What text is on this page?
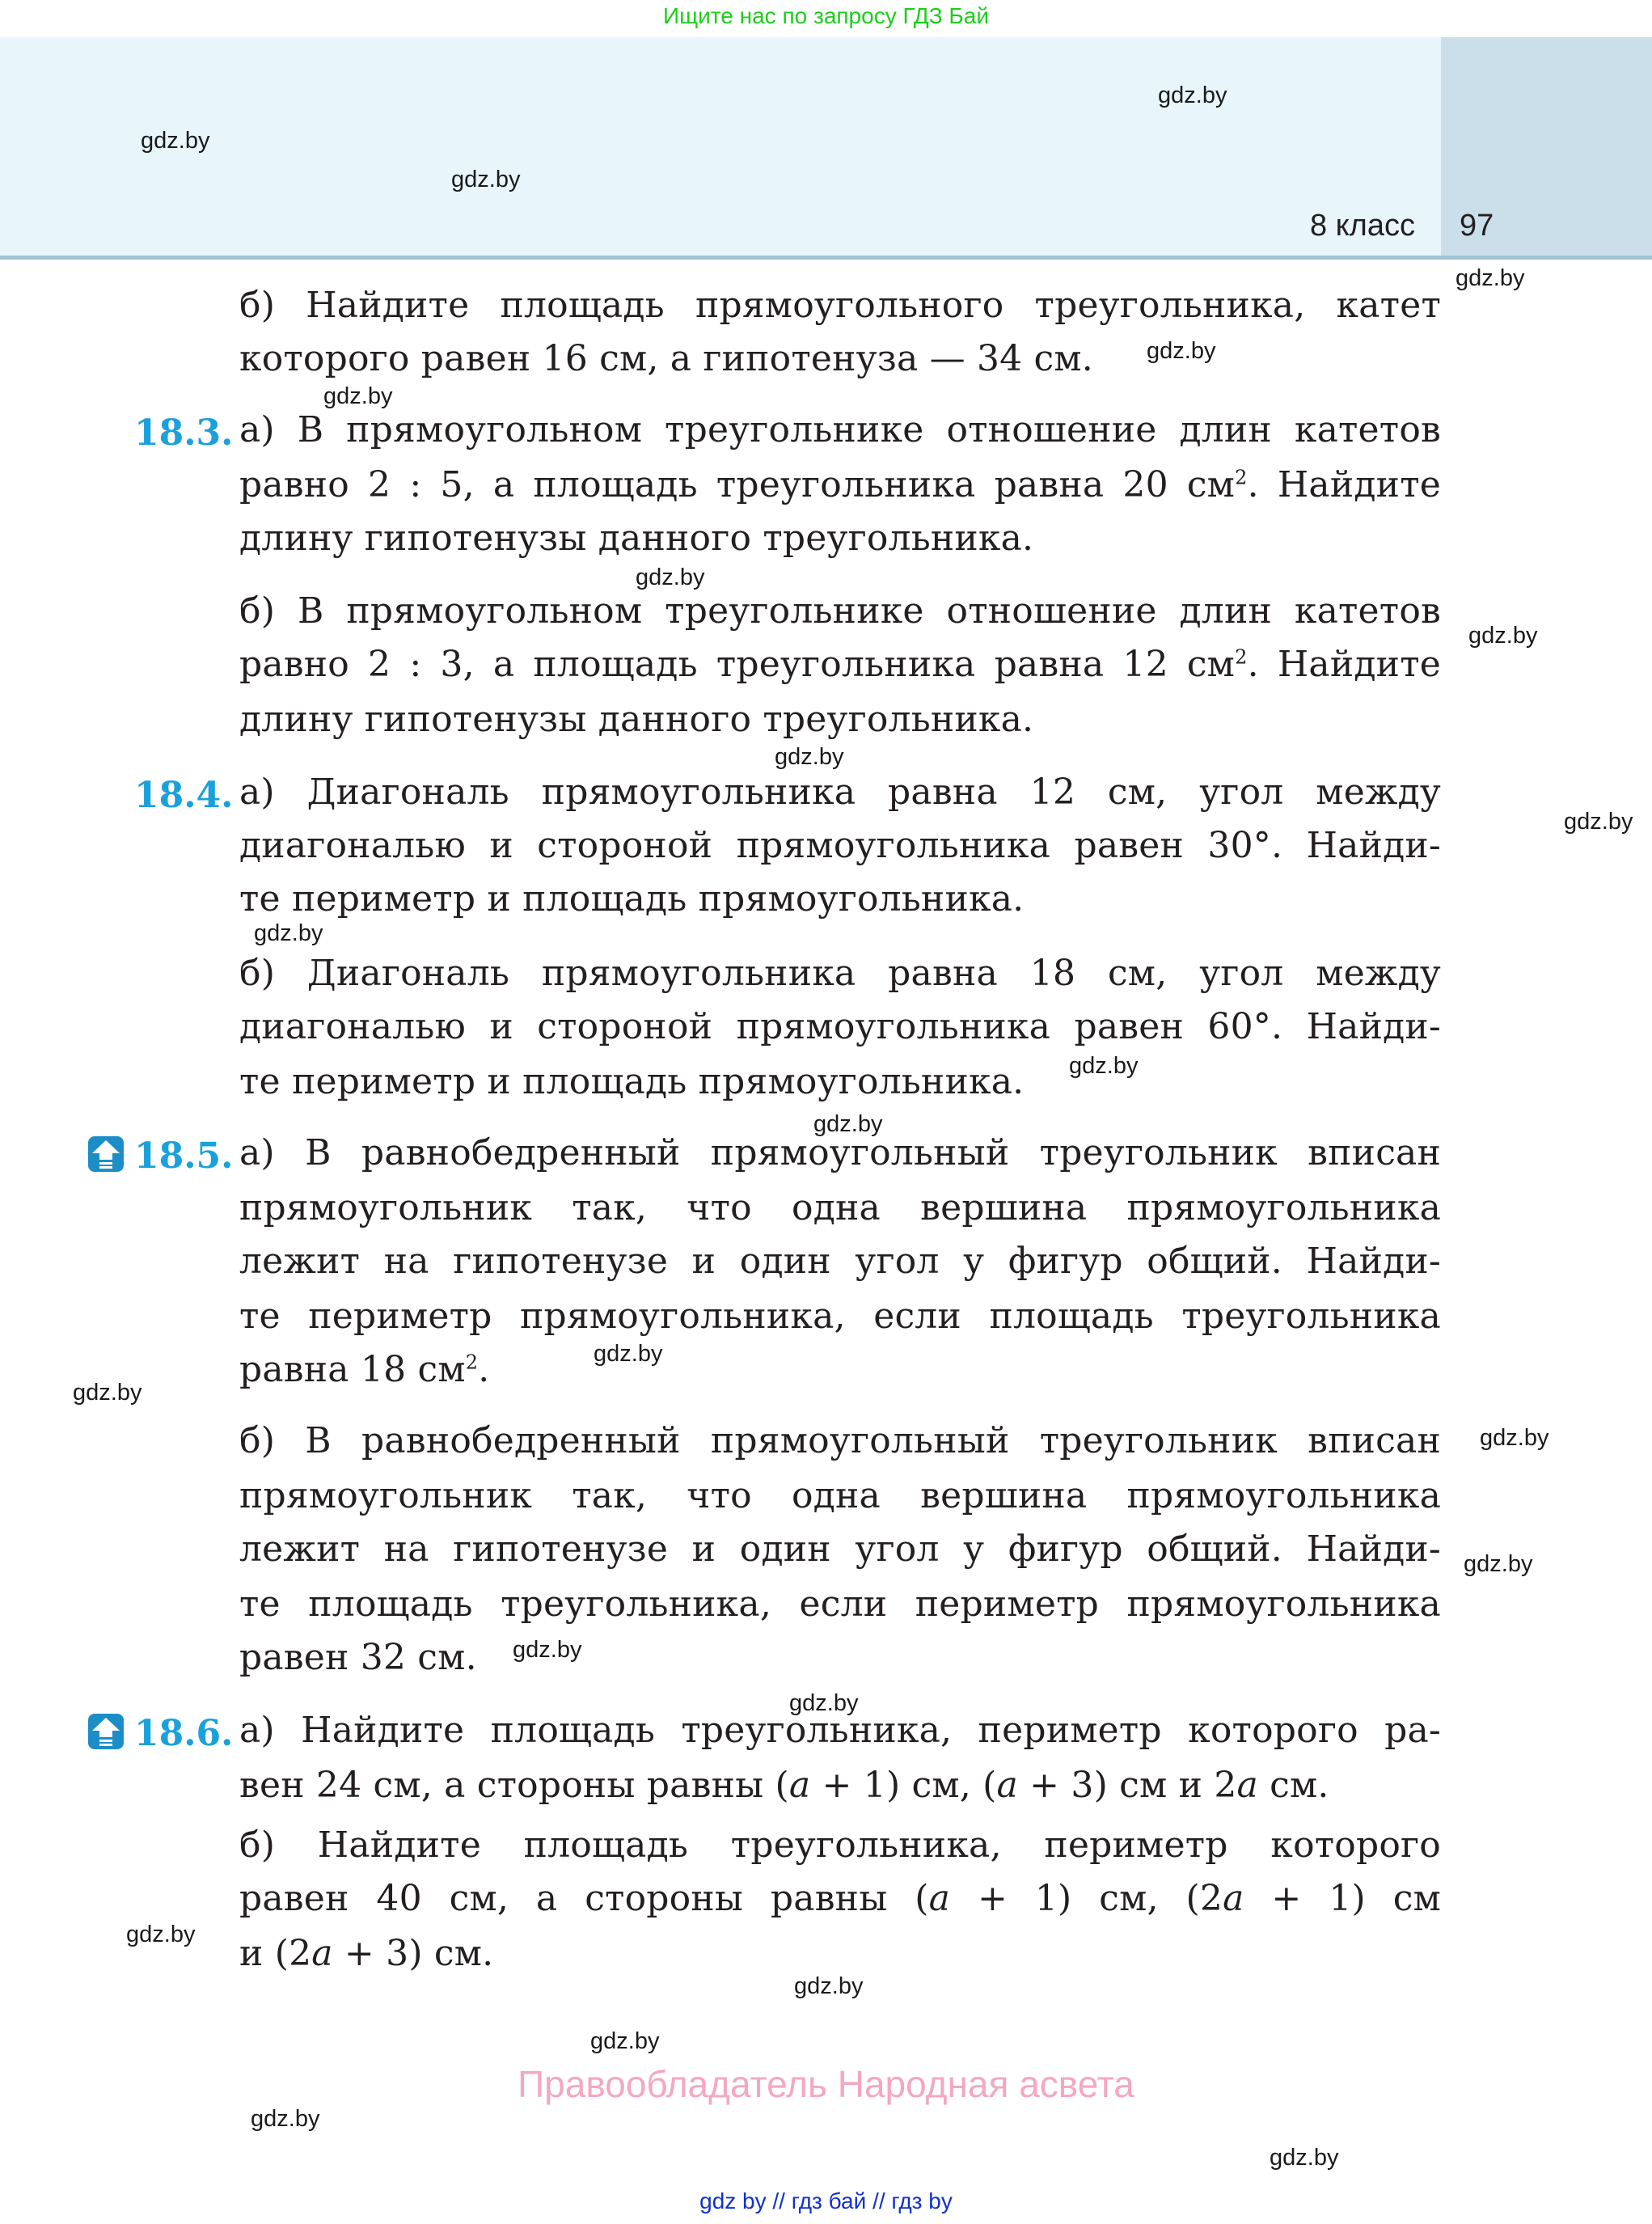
Ищите нас по запросу ГДЗ Бай
8 класс 97
gdz.by
gdz.by
gdz.by
gdz.by
gdz.by
gdz.by
gdz.by
gdz.by
gdz.by
gdz.by
gdz.by
gdz.by
gdz.by
gdz.by
gdz.by
gdz.by
gdz.by
gdz.by
gdz.by
gdz.by
gdz.by
gdz.by
gdz.by
gdz.by
б) Найдите площадь прямоугольного треугольника, катет
которого равен 16 см, а гипотенуза — 34 см.
18.3. а) В прямоугольном треугольнике отношение длин катетов
равно 2 : 5, а площадь треугольника равна 20 $см^2$. Найдите
длину гипотенузы данного треугольника.
б) В прямоугольном треугольнике отношение длин катетов
равно 2 : 3, а площадь треугольника равна 12 $см^2$. Найдите
длину гипотенузы данного треугольника.
18.4. а) Диагональ прямоугольника равна 12 см, угол между
диагональю и стороной прямоугольника равен 30°. Найди-
те периметр и площадь прямоугольника.
б) Диагональ прямоугольника равна 18 см, угол между
диагональю и стороной прямоугольника равен 60°. Найди-
те периметр и площадь прямоугольника.
18.5. а) В равнобедренный прямоугольный треугольник вписан
прямоугольник так, что одна вершина прямоугольника
лежит на гипотенузе и один угол у фигур общий. Найди-
те периметр прямоугольника, если площадь треугольника
равна 18 $см^2$.
б) В равнобедренный прямоугольный треугольник вписан
прямоугольник так, что одна вершина прямоугольника
лежит на гипотенузе и один угол у фигур общий. Найди-
те площадь треугольника, если периметр прямоугольника
равен 32 см.
18.6. а) Найдите площадь треугольника, периметр которого ра-
вен 24 см, а стороны равны (a + 1) см, (a + 3) см и 2a см.
б) Найдите площадь треугольника, периметр которого
равен 40 см, а стороны равны (a + 1) см, (2a + 1) см
и (2a + 3) см.
Правообладатель Народная асвета
gdz by // гдз бай // гдз by
